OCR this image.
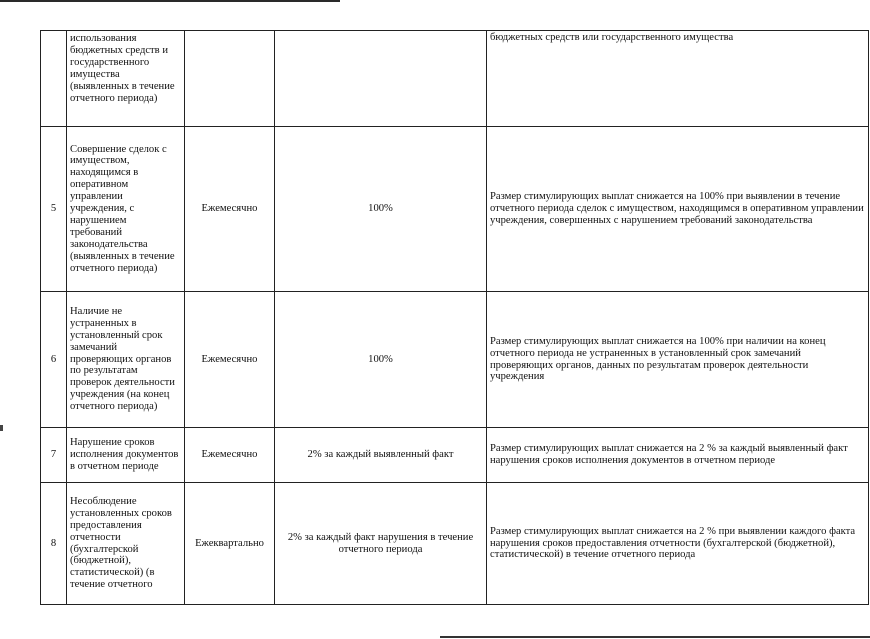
	использования бюджетных средств и государственного имущества (выявленных в течение отчетного периода)			бюджетных средств или государственного имущества
5	Совершение сделок с имуществом, находящимся в оперативном управлении учреждения, с нарушением требований законодательства (выявленных в течение отчетного периода)	Ежемесячно	100%	Размер стимулирующих выплат снижается на 100% при выявлении в течение отчетного периода сделок с имуществом, находящимся в оперативном управлении учреждения, совершенных с нарушением требований законодательства
6	Наличие не устраненных в установленный срок замечаний проверяющих органов по результатам проверок деятельности учреждения (на конец отчетного периода)	Ежемесячно	100%	Размер стимулирующих выплат снижается на 100% при наличии на конец отчетного периода не устраненных в установленный срок замечаний проверяющих органов, данных по результатам проверок деятельности учреждения
7	Нарушение сроков исполнения документов в отчетном периоде	Ежемесячно	2% за каждый выявленный факт	Размер стимулирующих выплат снижается на 2 % за каждый выявленный факт нарушения сроков исполнения документов в отчетном периоде
8	Несоблюдение установленных сроков предоставления отчетности (бухгалтерской (бюджетной), статистической) (в течение отчетного	Ежеквартально	2% за каждый факт нарушения в течение отчетного периода	Размер стимулирующих выплат снижается на 2 % при выявлении каждого факта нарушения сроков предоставления отчетности (бухгалтерской (бюджетной), статистической) в течение отчетного периода
